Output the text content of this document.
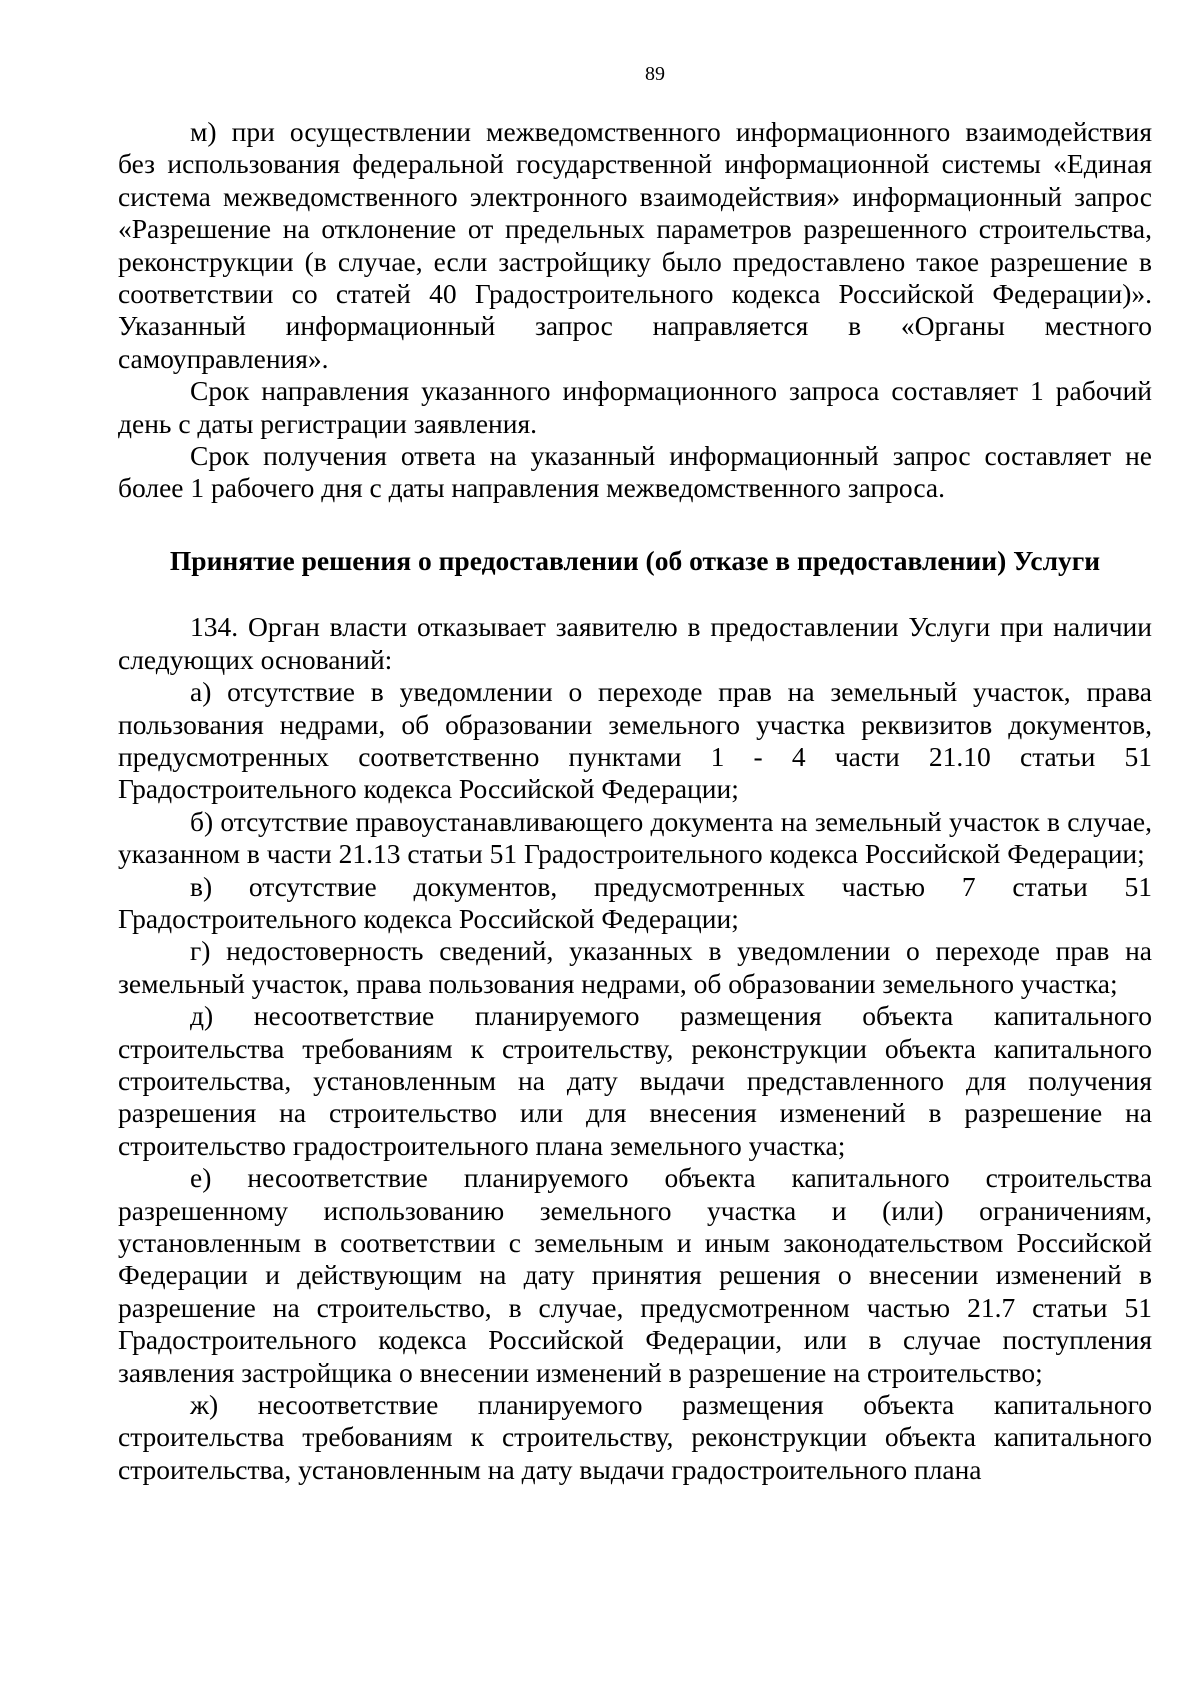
89

м) при осуществлении межведомственного информационного взаимодействия без использования федеральной государственной информационной системы «Единая система межведомственного электронного взаимодействия» информационный запрос «Разрешение на отклонение от предельных параметров разрешенного строительства, реконструкции (в случае, если застройщику было предоставлено такое разрешение в соответствии со статей 40 Градостроительного кодекса Российской Федерации)». Указанный информационный запрос направляется в «Органы местного самоуправления».

Срок направления указанного информационного запроса составляет 1 рабочий день с даты регистрации заявления.

Срок получения ответа на указанный информационный запрос составляет не более 1 рабочего дня с даты направления межведомственного запроса.

Принятие решения о предоставлении (об отказе в предоставлении) Услуги

134. Орган власти отказывает заявителю в предоставлении Услуги при наличии следующих оснований:

а) отсутствие в уведомлении о переходе прав на земельный участок, права пользования недрами, об образовании земельного участка реквизитов документов, предусмотренных соответственно пунктами 1 - 4 части 21.10 статьи 51 Градостроительного кодекса Российской Федерации;

б) отсутствие правоустанавливающего документа на земельный участок в случае, указанном в части 21.13 статьи 51 Градостроительного кодекса Российской Федерации;

в) отсутствие документов, предусмотренных частью 7 статьи 51 Градостроительного кодекса Российской Федерации;

г) недостоверность сведений, указанных в уведомлении о переходе прав на земельный участок, права пользования недрами, об образовании земельного участка;

д) несоответствие планируемого размещения объекта капитального строительства требованиям к строительству, реконструкции объекта капитального строительства, установленным на дату выдачи представленного для получения разрешения на строительство или для внесения изменений в разрешение на строительство градостроительного плана земельного участка;

е) несоответствие планируемого объекта капитального строительства разрешенному использованию земельного участка и (или) ограничениям, установленным в соответствии с земельным и иным законодательством Российской Федерации и действующим на дату принятия решения о внесении изменений в разрешение на строительство, в случае, предусмотренном частью 21.7 статьи 51 Градостроительного кодекса Российской Федерации, или в случае поступления заявления застройщика о внесении изменений в разрешение на строительство;

ж) несоответствие планируемого размещения объекта капитального строительства требованиям к строительству, реконструкции объекта капитального строительства, установленным на дату выдачи градостроительного плана
